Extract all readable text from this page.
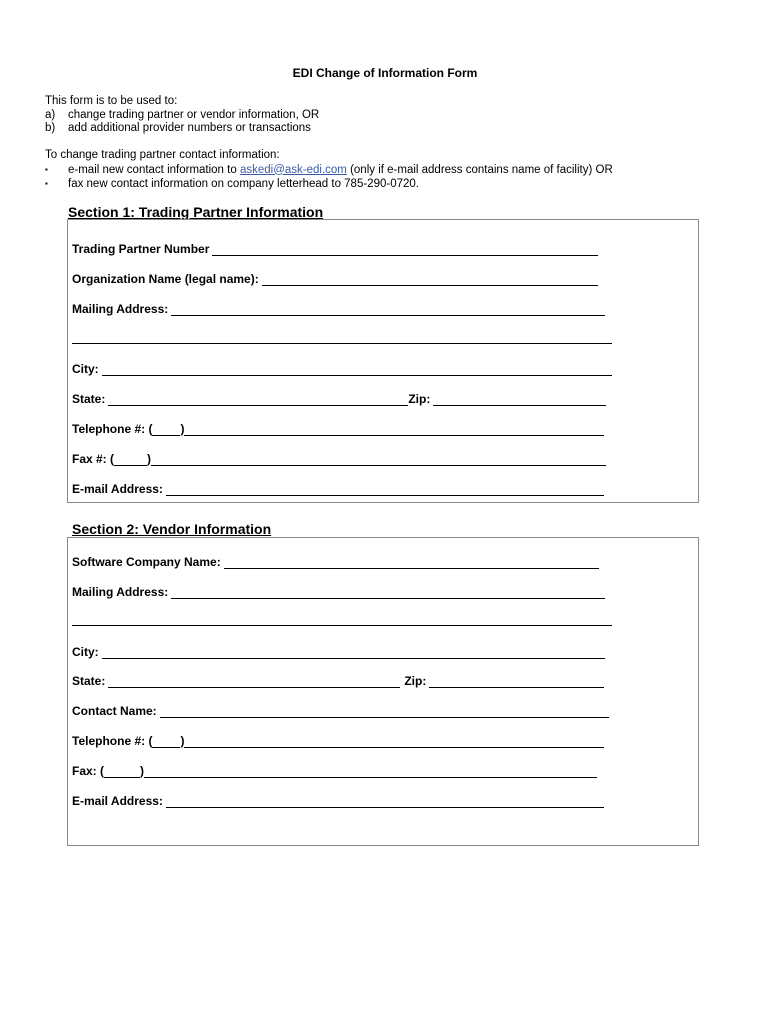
EDI Change of Information Form
This form is to be used to:
a) change trading partner or vendor information, OR
b) add additional provider numbers or transactions
To change trading partner contact information:
▪ e-mail new contact information to askedi@ask-edi.com (only if e-mail address contains name of facility) OR
▪ fax new contact information on company letterhead to 785-290-0720.
Section 1: Trading Partner Information
Trading Partner Number
Organization Name (legal name):
Mailing Address:
City:
State:	Zip:
Telephone #: ( )
Fax #: (	)
E-mail Address:
Section 2: Vendor Information
Software Company Name:
Mailing Address:
City:
State:	Zip:
Contact Name:
Telephone #: ( )
Fax: (	)
E-mail Address:
